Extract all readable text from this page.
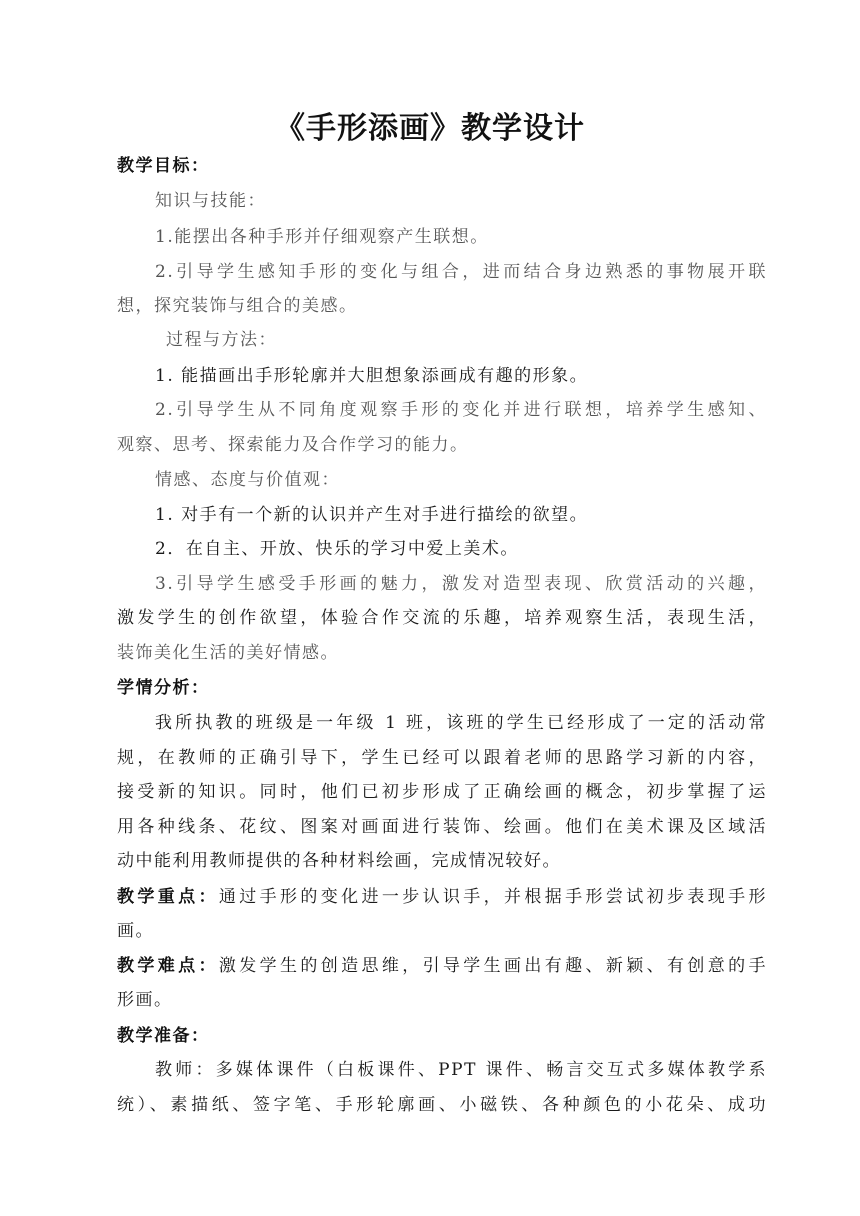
《手形添画》教学设计
教学目标：
知识与技能：
1.能摆出各种手形并仔细观察产生联想。
2.引导学生感知手形的变化与组合，进而结合身边熟悉的事物展开联
想，探究装饰与组合的美感。
过程与方法：
1. 能描画出手形轮廓并大胆想象添画成有趣的形象。
2.引导学生从不同角度观察手形的变化并进行联想，培养学生感知、
观察、思考、探索能力及合作学习的能力。
情感、态度与价值观：
1. 对手有一个新的认识并产生对手进行描绘的欲望。
2．在自主、开放、快乐的学习中爱上美术。
3.引导学生感受手形画的魅力，激发对造型表现、欣赏活动的兴趣，
激发学生的创作欲望，体验合作交流的乐趣，培养观察生活，表现生活，
装饰美化生活的美好情感。
学情分析：
我所执教的班级是一年级 1 班，该班的学生已经形成了一定的活动常
规，在教师的正确引导下，学生已经可以跟着老师的思路学习新的内容，
接受新的知识。同时，他们已初步形成了正确绘画的概念，初步掌握了运
用各种线条、花纹、图案对画面进行装饰、绘画。他们在美术课及区域活
动中能利用教师提供的各种材料绘画，完成情况较好。
教学重点：通过手形的变化进一步认识手，并根据手形尝试初步表现手形
画。
教学难点：激发学生的创造思维，引导学生画出有趣、新颖、有创意的手
形画。
教学准备：
教师：多媒体课件（白板课件、PPT 课件、畅言交互式多媒体教学系
统）、素描纸、签字笔、手形轮廓画、小磁铁、各种颜色的小花朵、成功
